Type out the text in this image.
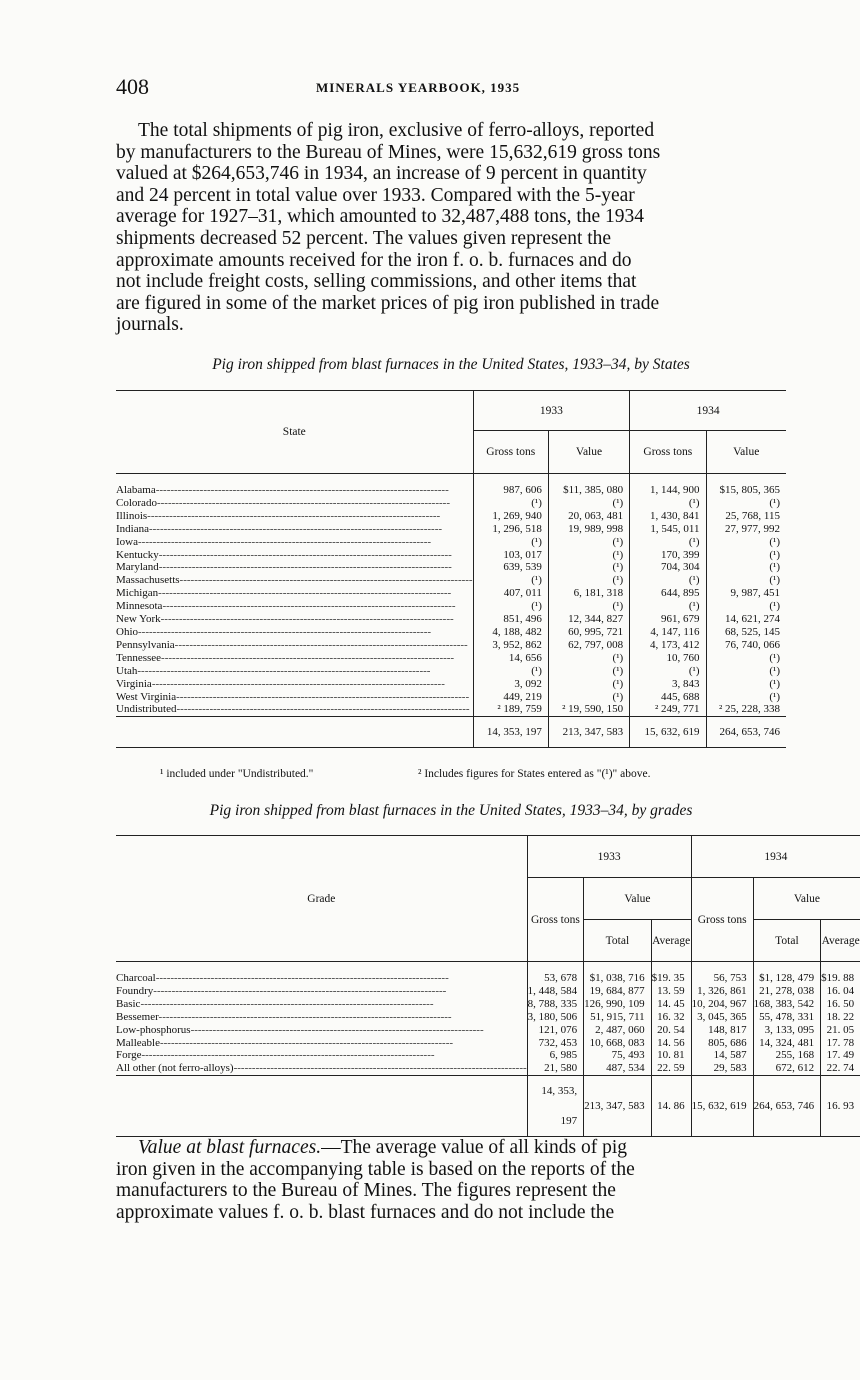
408	MINERALS YEARBOOK, 1935

The total shipments of pig iron, exclusive of ferro-alloys, reported
by manufacturers to the Bureau of Mines, were 15,632,619 gross tons
valued at $264,653,746 in 1934, an increase of 9 percent in quantity
and 24 percent in total value over 1933. Compared with the 5-year
average for 1927–31, which amounted to 32,487,488 tons, the 1934
shipments decreased 52 percent. The values given represent the
approximate amounts received for the iron f. o. b. furnaces and do
not include freight costs, selling commissions, and other items that
are figured in some of the market prices of pig iron published in trade
journals.

Pig iron shipped from blast furnaces in the United States, 1933–34, by States
State	1933		1934	
	Gross tons	Value	Gross tons	Value

Alabama--------------------------------------------------------------------------------	987, 606	$11, 385, 080	1, 144, 900	$15, 805, 365
Colorado--------------------------------------------------------------------------------	(¹)	(¹)	(¹)	(¹)
Illinois--------------------------------------------------------------------------------	1, 269, 940	20, 063, 481	1, 430, 841	25, 768, 115
Indiana--------------------------------------------------------------------------------	1, 296, 518	19, 989, 998	1, 545, 011	27, 977, 992
Iowa--------------------------------------------------------------------------------	(¹)	(¹)	(¹)	(¹)
Kentucky--------------------------------------------------------------------------------	103, 017	(¹)	170, 399	(¹)
Maryland--------------------------------------------------------------------------------	639, 539	(¹)	704, 304	(¹)
Massachusetts--------------------------------------------------------------------------------	(¹)	(¹)	(¹)	(¹)
Michigan--------------------------------------------------------------------------------	407, 011	6, 181, 318	644, 895	9, 987, 451
Minnesota--------------------------------------------------------------------------------	(¹)	(¹)	(¹)	(¹)
New York--------------------------------------------------------------------------------	851, 496	12, 344, 827	961, 679	14, 621, 274
Ohio--------------------------------------------------------------------------------	4, 188, 482	60, 995, 721	4, 147, 116	68, 525, 145
Pennsylvania--------------------------------------------------------------------------------	3, 952, 862	62, 797, 008	4, 173, 412	76, 740, 066
Tennessee--------------------------------------------------------------------------------	14, 656	(¹)	10, 760	(¹)
Utah--------------------------------------------------------------------------------	(¹)	(¹)	(¹)	(¹)
Virginia--------------------------------------------------------------------------------	3, 092	(¹)	3, 843	(¹)
West Virginia--------------------------------------------------------------------------------	449, 219	(¹)	445, 688	(¹)
Undistributed--------------------------------------------------------------------------------	² 189, 759	² 19, 590, 150	² 249, 771	² 25, 228, 338
	14, 353, 197	213, 347, 583	15, 632, 619	264, 653, 746
¹ included under "Undistributed."	² Includes figures for States entered as "(¹)" above.
Pig iron shipped from blast furnaces in the United States, 1933–34, by grades
Grade	1933			1934		
	Gross tons	Value		Gross tons	Value	
		Total	Average		Total	Average

Charcoal--------------------------------------------------------------------------------	53, 678	$1, 038, 716	$19. 35	56, 753	$1, 128, 479	$19. 88
Foundry--------------------------------------------------------------------------------	1, 448, 584	19, 684, 877	13. 59	1, 326, 861	21, 278, 038	16. 04
Basic--------------------------------------------------------------------------------	8, 788, 335	126, 990, 109	14. 45	10, 204, 967	168, 383, 542	16. 50
Bessemer--------------------------------------------------------------------------------	3, 180, 506	51, 915, 711	16. 32	3, 045, 365	55, 478, 331	18. 22
Low-phosphorus--------------------------------------------------------------------------------	121, 076	2, 487, 060	20. 54	148, 817	3, 133, 095	21. 05
Malleable--------------------------------------------------------------------------------	732, 453	10, 668, 083	14. 56	805, 686	14, 324, 481	17. 78
Forge--------------------------------------------------------------------------------	6, 985	75, 493	10. 81	14, 587	255, 168	17. 49
All other (not ferro-alloys)--------------------------------------------------------------------------------	21, 580	487, 534	22. 59	29, 583	672, 612	22. 74
	14, 353, 197	213, 347, 583	14. 86	15, 632, 619	264, 653, 746	16. 93

Value at blast furnaces.—The average value of all kinds of pig
iron given in the accompanying table is based on the reports of the
manufacturers to the Bureau of Mines. The figures represent the
approximate values f. o. b. blast furnaces and do not include the
